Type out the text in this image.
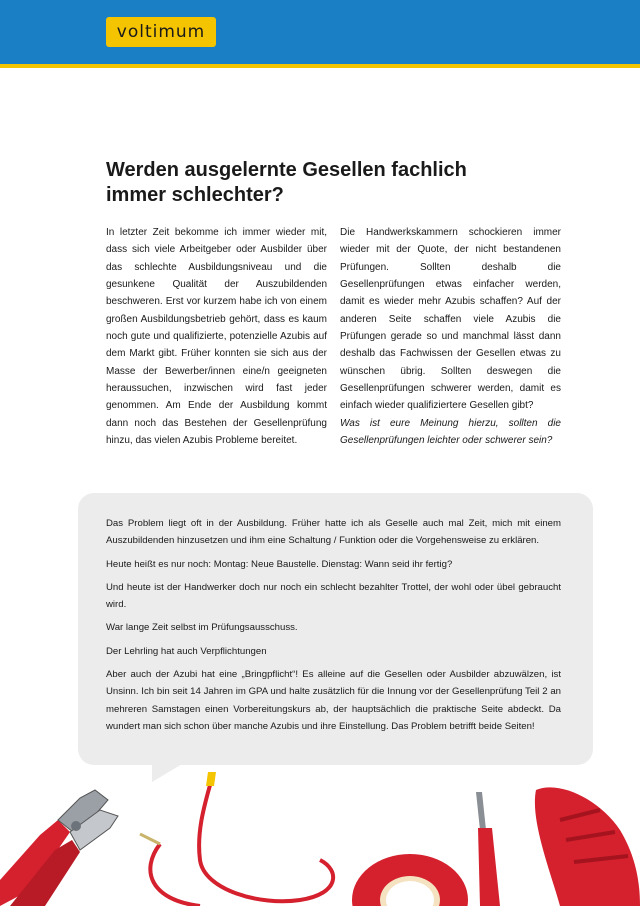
voltimum
Werden ausgelernte Gesellen fachlich
immer schlechter?

In letzter Zeit bekomme ich immer wieder mit, dass sich viele Arbeitgeber oder Ausbilder über das schlechte Ausbildungsniveau und die gesunkene Qualität der Auszubildenden beschweren. Erst vor kurzem habe ich von einem großen Ausbildungsbetrieb gehört, dass es kaum noch gute und qualifizierte, potenzielle Azubis auf dem Markt gibt. Früher konnten sie sich aus der Masse der Bewerber/innen eine/n geeigneten heraussuchen, inzwischen wird fast jeder genommen. Am Ende der Ausbildung kommt dann noch das Bestehen der Gesellenprüfung hinzu, das vielen Azubis Probleme bereitet.

Die Handwerkskammern schockieren immer wieder mit der Quote, der nicht bestandenen Prüfungen. Sollten deshalb die Gesellenprüfungen etwas einfacher werden, damit es wieder mehr Azubis schaffen? Auf der anderen Seite schaffen viele Azubis die Prüfungen gerade so und manchmal lässt dann deshalb das Fachwissen der Gesellen etwas zu wünschen übrig. Sollten deswegen die Gesellenprüfungen schwerer werden, damit es einfach wieder qualifiziertere Gesellen gibt?

Was ist eure Meinung hierzu, sollten die Gesellenprüfungen leichter oder schwerer sein?

Das Problem liegt oft in der Ausbildung. Früher hatte ich als Geselle auch mal Zeit, mich mit einem Auszubildenden hinzusetzen und ihm eine Schaltung / Funktion oder die Vorgehensweise zu erklären.

Heute heißt es nur noch: Montag: Neue Baustelle. Dienstag: Wann seid ihr fertig?

Und heute ist der Handwerker doch nur noch ein schlecht bezahlter Trottel, der wohl oder übel gebraucht wird.

War lange Zeit selbst im Prüfungsausschuss.

Der Lehrling hat auch Verpflichtungen

Aber auch der Azubi hat eine „Bringpflicht“! Es alleine auf die Gesellen oder Ausbilder abzuwälzen, ist Unsinn. Ich bin seit 14 Jahren im GPA und halte zusätzlich für die Innung vor der Gesellenprüfung Teil 2 an mehreren Samstagen einen Vorbereitungskurs ab, der hauptsächlich die praktische Seite abdeckt. Da wundert man sich schon über manche Azubis und ihre Einstellung. Das Problem betrifft beide Seiten!
